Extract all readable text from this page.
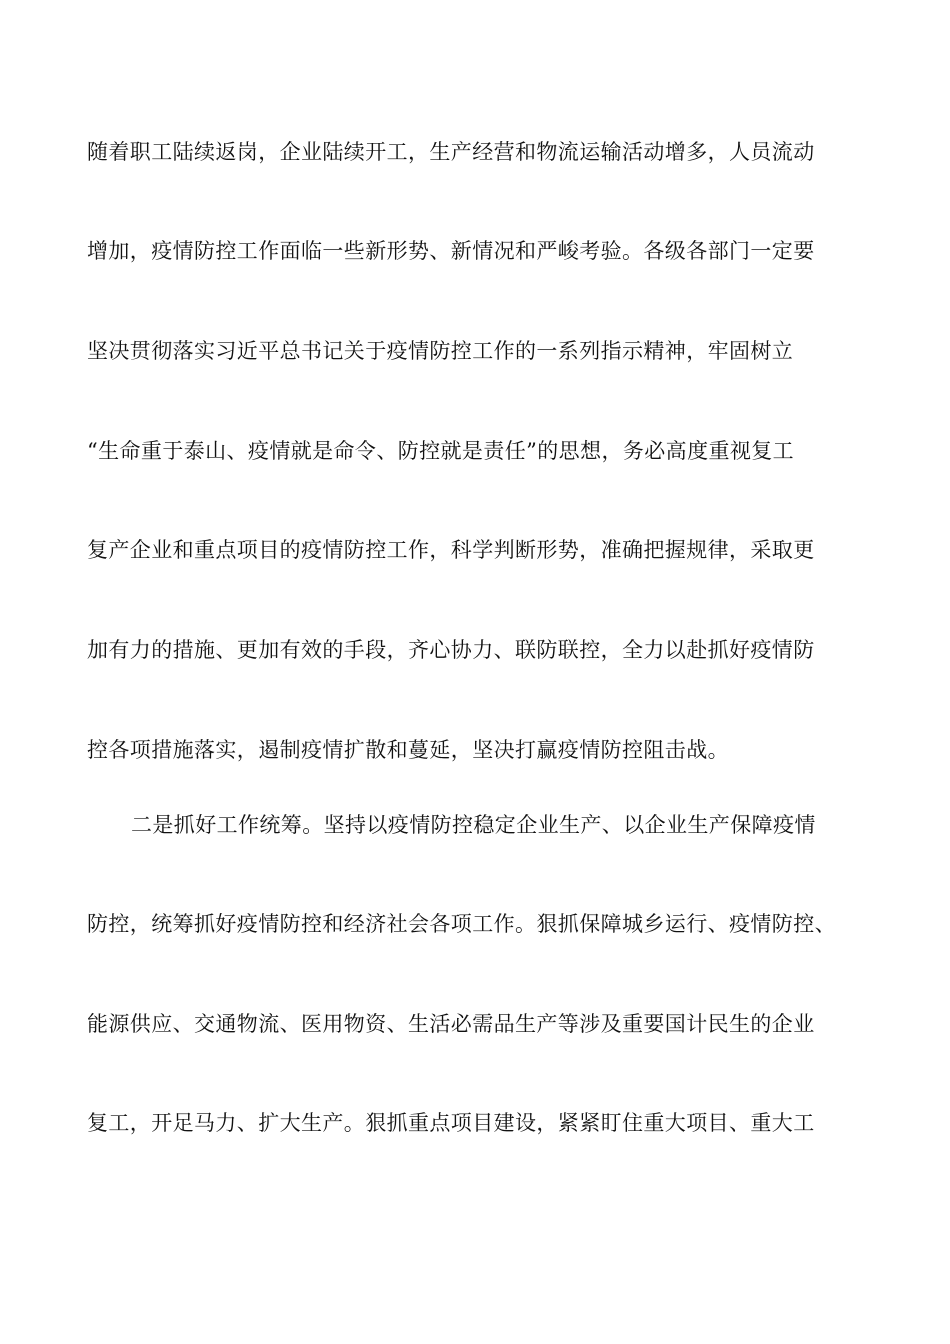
随着职工陆续返岗，企业陆续开工，生产经营和物流运输活动增多，人员流动

增加，疫情防控工作面临一些新形势、新情况和严峻考验。各级各部门一定要

坚决贯彻落实习近平总书记关于疫情防控工作的一系列指示精神，牢固树立

“生命重于泰山、疫情就是命令、防控就是责任”的思想，务必高度重视复工

复产企业和重点项目的疫情防控工作，科学判断形势，准确把握规律，采取更

加有力的措施、更加有效的手段，齐心协力、联防联控，全力以赴抓好疫情防

控各项措施落实，遏制疫情扩散和蔓延，坚决打赢疫情防控阻击战。

二是抓好工作统筹。坚持以疫情防控稳定企业生产、以企业生产保障疫情

防控，统筹抓好疫情防控和经济社会各项工作。狠抓保障城乡运行、疫情防控、

能源供应、交通物流、医用物资、生活必需品生产等涉及重要国计民生的企业

复工，开足马力、扩大生产。狠抓重点项目建设，紧紧盯住重大项目、重大工
